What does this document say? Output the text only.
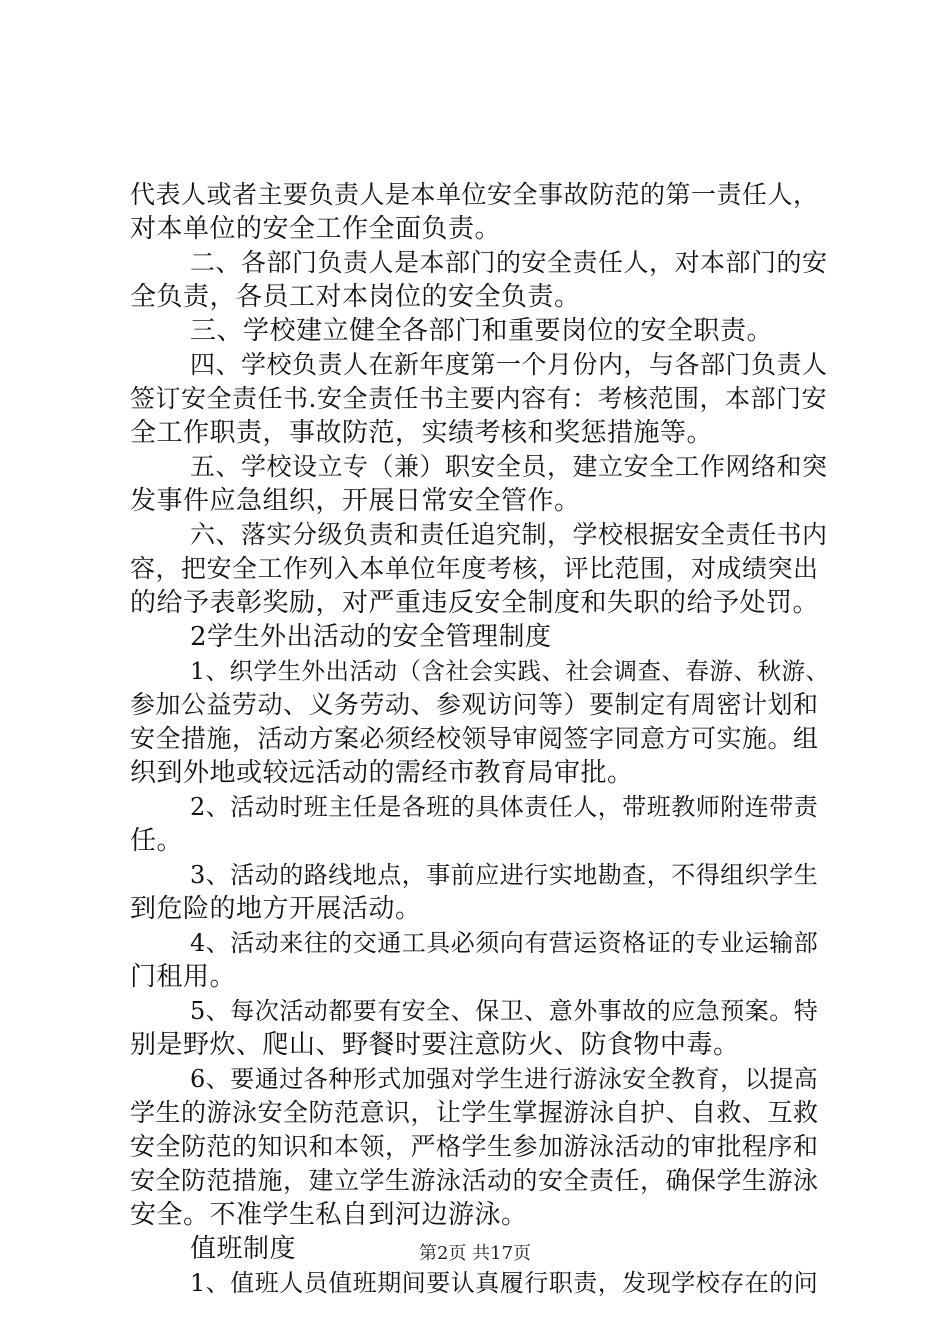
代表人或者主要负责人是本单位安全事故防范的第一责任人，
对本单位的安全工作全面负责。
二、各部门负责人是本部门的安全责任人，对本部门的安
全负责，各员工对本岗位的安全负责。
三、学校建立健全各部门和重要岗位的安全职责。
四、学校负责人在新年度第一个月份内，与各部门负责人
签订安全责任书.安全责任书主要内容有：考核范围，本部门安
全工作职责，事故防范，实绩考核和奖惩措施等。
五、学校设立专（兼）职安全员，建立安全工作网络和突
发事件应急组织，开展日常安全管作。
六、落实分级负责和责任追究制，学校根据安全责任书内
容，把安全工作列入本单位年度考核，评比范围，对成绩突出
的给予表彰奖励，对严重违反安全制度和失职的给予处罚。
2学生外出活动的安全管理制度
1、织学生外出活动（含社会实践、社会调查、春游、秋游、
参加公益劳动、义务劳动、参观访问等）要制定有周密计划和
安全措施，活动方案必须经校领导审阅签字同意方可实施。组
织到外地或较远活动的需经市教育局审批。
2、活动时班主任是各班的具体责任人，带班教师附连带责
任。
3、活动的路线地点，事前应进行实地勘查，不得组织学生
到危险的地方开展活动。
4、活动来往的交通工具必须向有营运资格证的专业运输部
门租用。
5、每次活动都要有安全、保卫、意外事故的应急预案。特
别是野炊、爬山、野餐时要注意防火、防食物中毒。
6、要通过各种形式加强对学生进行游泳安全教育，以提高
学生的游泳安全防范意识，让学生掌握游泳自护、自救、互救
安全防范的知识和本领，严格学生参加游泳活动的审批程序和
安全防范措施，建立学生游泳活动的安全责任，确保学生游泳
安全。不准学生私自到河边游泳。
值班制度
1、值班人员值班期间要认真履行职责，发现学校存在的问
第2页 共17页
